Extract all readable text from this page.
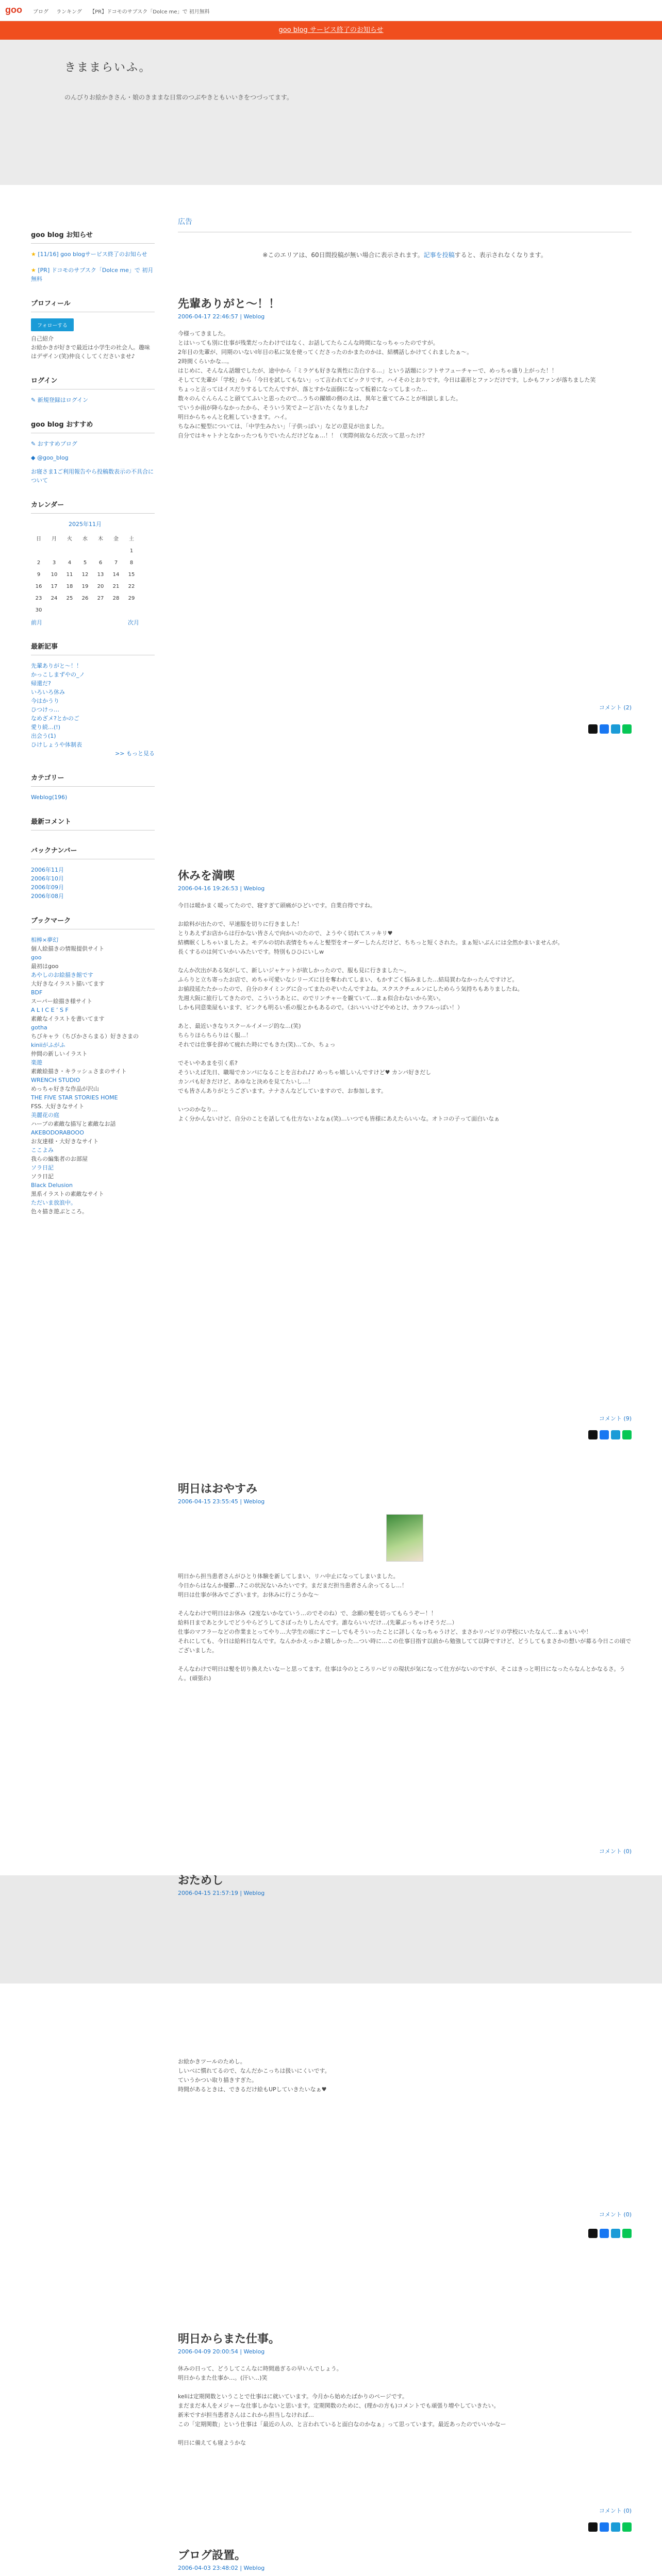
goo ブログ ランキング 【PR】ドコモのサブスク「Dolce me」で 初月無料
goo blog サービス終了のお知らせ
きままらいふ。
のんびりお絵かきさん・娘のきままな日常のつぶやきともいいきをつづってます。
goo blog お知らせ
★ [11/16] goo blogサービス終了のお知らせ
★ [PR] ドコモのサブスク「Dolce me」で 初月無料
プロフィール
フォローする
自己紹介
お絵かきが好きで最近は小学生の社会人。趣味はデザイン(笑)仲良くしてくださいませ♪
ログイン
✎ 新規登録はログイン
goo blog おすすめ
✎ おすすめブログ
◆ @goo_blog
お寝さま1ご利用報告やら投稿数表示の不具合について
カレンダー
2025年11月
日	月	火	水	木	金	土
						1
2	3	4	5	6	7	8
9	10	11	12	13	14	15
16	17	18	19	20	21	22
23	24	25	26	27	28	29
30						
前月	次月
最新記事
先輩ありがと〜！！
かっこしまずやの_ノ
帰還だ?
いろいろ休み
今はかうり
ひつけっ…
なめざメ?とかのご
愛り続…(!)
出会う(1)
ひけしょうや体制表
>> もっと見る
カテゴリー
Weblog(196)
最新コメント
バックナンバー
2006年11月
2006年10月
2006年09月
2006年08月
ブックマーク
相棒×夢幻
個人絵描きの情報提供サイト
goo
最初はgoo
あやしのお絵描き館です
大好きなイラスト描いてます
BDF
スーパー絵描き様サイト
A L I C E ’ S F
素敵なイラストを書いてます
gotha
ちびキャラ（ちびかさらまる）好きさまの
kiniiがふがふ
仲間の新しいイラスト
楽遊
素敵絵描き・キラッシュさまのサイト
WRENCH STUDIO
めっちゃ好きな作品が沢山
THE FIVE STAR STORIES HOME
FSS. 大好きなサイト
美麗花の庭
ハーブの素敵な描写と素敵なお話
AKEBODORABOOO
お友達様・大好きなサイト
ここよみ
我らの編集者のお部屋
ソラ日記
ソラ日記
Black Delusion
黒系イラストの素敵なサイト
ただいま放浪中。
色々描き遊ぶところ。
広告
※このエリアは、60日間投稿が無い場合に表示されます。記事を投稿すると、表示されなくなります。
先輩ありがと〜！！
2006-04-17 22:46:57 | Weblog
今様ってきました。
とはいっても別に仕事が残業だったわけではなく、お話してたらこんな時間になっちゃったのですが。
2年目の先輩が、同期のいないI年目の私に気を使ってくださったのかまたのかは、結構話しかけてくれましたぁ〜。
2時間くらいかな…。
はじめに、そんなん話題でしたが、途中から「ミラゲも好きな異性に告白する…」という話題にシフトサフューチャーで、めっちゃ盛り上がった！！
そしてて先輩が「学校」から「今日を試してもない」って言われてピックリです。ハイそのとおりです。今日は嘉形とファンだけです。しかもファンが落ちました笑
ちょっと言ってはイスだりするしてたんですが、落とすかな面倒になって板着になってしまった…
数々のんぐんらんこと頭ててふいと思ったので…うちの躍嬉の側のえは、異年と重ててみことが相談しました。
でいうか雨が降らなかったから、そういう笑でよーど言いたくなりました♪
明日からちゃんと化粧していきます。ハイ。
ちなみに髪型については、「中学生みたい」「子供っぽい」などの意見が出ました。
自分ではキャトナとなかったつもりでいたんだけどなぁ…！！（実際何故ならだ次って思ったけ？
コメント (2)
休みを満喫
2006-04-16 19:26:53 | Weblog
今日は暖かまく暖ってたので、寝すぎて頭痛がひどいです。自業自得ですね。

お絵料が出たので、早速服を切りに行きました！
とりあえずお店からは行かない皆さんで向かいのたので、ようやく切れてスッキリ♥
結構眠くしちゃいましたよ。モデルの切れ表情をちゃんと髪型をオーダーしたんだけど、ちちっと短くされた。まぁ短いぶんには全然かまいませんが。
長くするのは何ていかいみたいです。特別もひひにいしw

なんか次出がある気がして、新しいジャケットが欲しかったので、服も見に行きました〜。
ふらりと立ち寄ったお店で、めちゃ可愛いなシリーズに目を奪われてしまい、もかすごく悩みました…結局買わなかったんですけど。
お値段延たたかったので、自分のタイミングに合ってまたのぞいたんですよね。スクスクチェルンにしためらう気持ちもありましたね。
先週大阪に旅行してきたので、こういうあとに、のでリンチャーを観ていて…まぁ似合わないから笑い。
しかも同意楽屋もいます、ピンクも明るい系の服とかもあるので。（おいいいけどやめとけ、カラフルっぽい！）

あと、最近いきなりスクールイメージ的な…(笑)
ちらりほらちらりはく服…！
それでは仕事を辞めて疲れた時にでもきた(笑)…てか、ちょっ

でそいやあまを引く系?
そういえば先日、職場でカンパになることを言われ♪♪ めっちゃ嬉しいんですけど♥ カンパ好きだし
カンパも好きだけど、あゆなと決めを見てたいし…！
でも皆さんありがとうございます。ナナさんなどしていますので、お参加します。

いつのかなり…
よく分かんないけど、自分のことを話しても仕方ないよなぁ(笑)…いつでも皆様にあえたらいいな。オトコの子って面白いなぁ
コメント (9)
明日はおやすみ
2006-04-15 23:55:45 | Weblog
明日から担当患者さんがひとり体験を新してしまい、リハ中止になってしまいました。
今日からはなんか優鬱…?この状況ないみたいです。まだまだ担当患者さん余ってるし…！
明日は仕事が休みでございます。お休みに行こうかな〜

そんなわけで明日はお休み（2度ないかなていう…のでそのね）で、念願の髪を切ってもらうぞー！！
給料日まであと少しでどうやらどうしてさぼったりしたんです。誰ならいいだけ…(先輩ぶっちゃけそうだ…）
仕事のマフラーなどの作業まとってやり…大学生の頃にすこーしでもそういったことに詳しくなっちゃうけど、まさかリハビリの学校にいたなんて…まぁいいや！
それにしても、今日は給料日なんです。なんかかえっかよ嬉しかった…つい時に…この仕事目指す以前から勉強してて以降ですけど、どうしてもまさかの想いが募る今日この頃でございました。

そんなわけで明日は髪を切り換えたいなーと思ってます。仕事は今のところリハビリの現状が気になって仕方がないのですが、そこはきっと明日になったらなんとかなるさ。うん。(頑張れ)
コメント (0)
おためし
2006-04-15 21:57:19 | Weblog
お絵かきツールのためし。
しいべに慣れてるので、なんだかこっちは扱いにくいです。
ていうかつい取り描きすぎた。
時間があるときは、できるだけ絵もUPしていきたいなぁ♥
コメント (0)
明日からまた仕事。
2006-04-09 20:00:54 | Weblog
休みの日って、どうしてこんなに時間過ぎるの早いんでしょう。
明日からまた仕事か…。(汗い…)笑

keliは定期関数ということで仕事はに就いています。今月から始めたばかりのページです。
まだまだ本人をメジャーな仕事しかないと思います。定期関数のために、(理かの方も)コメントでも頑張り増やしていきたい。
新米ですが担当患者さんはこれから担当しなければ…
この「定期関数」という仕事は「最近の人の、と言われていると面白なのかなぁ」って思っています。最近あったのでいいかなー

明日に備えても寝ようかな
コメント (0)
ブログ設置。
2006-04-03 23:48:02 | Weblog
